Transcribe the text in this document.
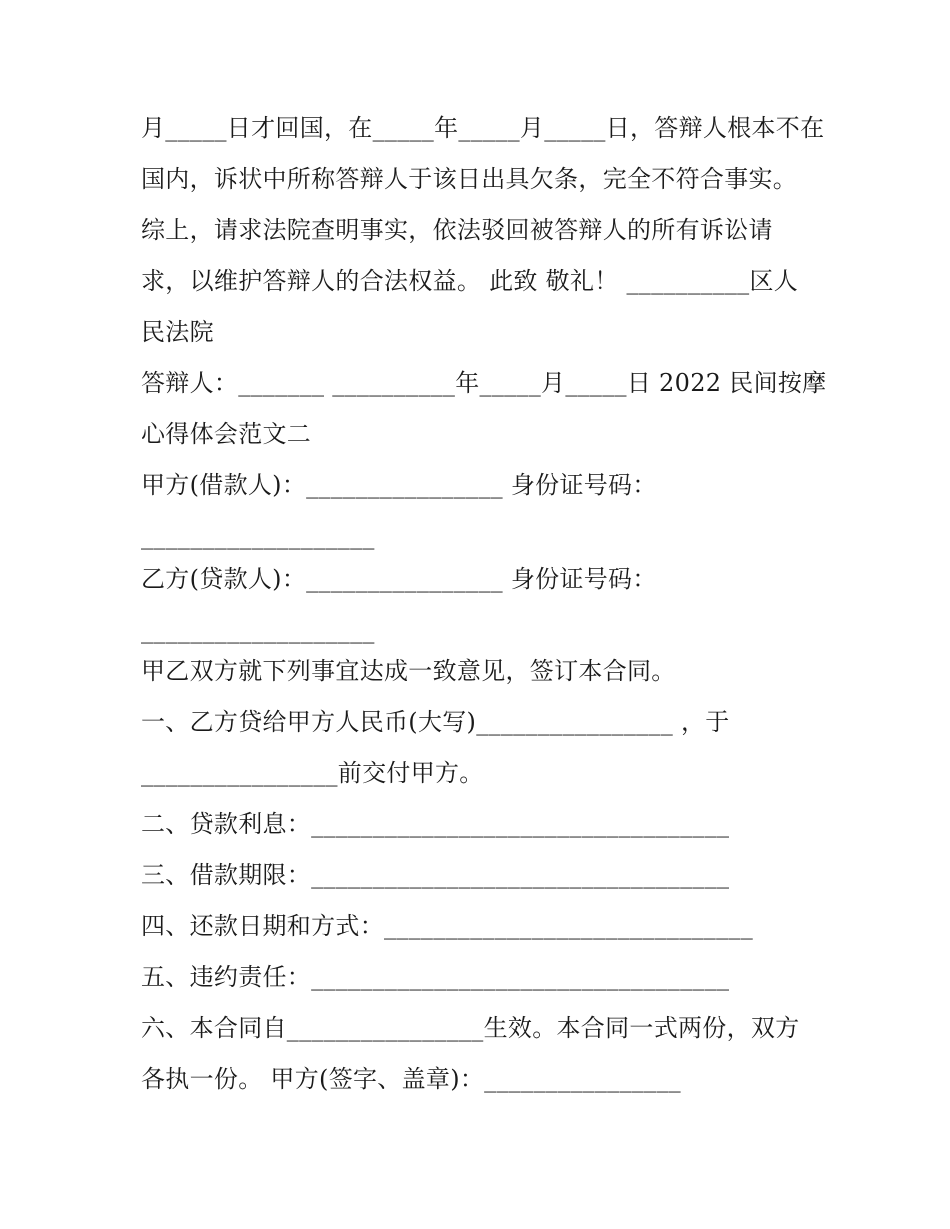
月_____日才回国，在_____年_____月_____日，答辩人根本不在
国内，诉状中所称答辩人于该日出具欠条，完全不符合事实。
综上，请求法院查明事实，依法驳回被答辩人的所有诉讼请
求，以维护答辩人的合法权益。 此致 敬礼！ __________区人
民法院
答辩人：_______ __________年_____月_____日 2022 民间按摩
心得体会范文二
甲方(借款人)：________________ 身份证号码：
___________________
乙方(贷款人)：________________ 身份证号码：
___________________
甲乙双方就下列事宜达成一致意见，签订本合同。
一、乙方贷给甲方人民币(大写)________________ ，于
________________前交付甲方。
二、贷款利息：__________________________________
三、借款期限：__________________________________
四、还款日期和方式：______________________________
五、违约责任：__________________________________
六、本合同自________________生效。本合同一式两份，双方
各执一份。 甲方(签字、盖章)：________________
